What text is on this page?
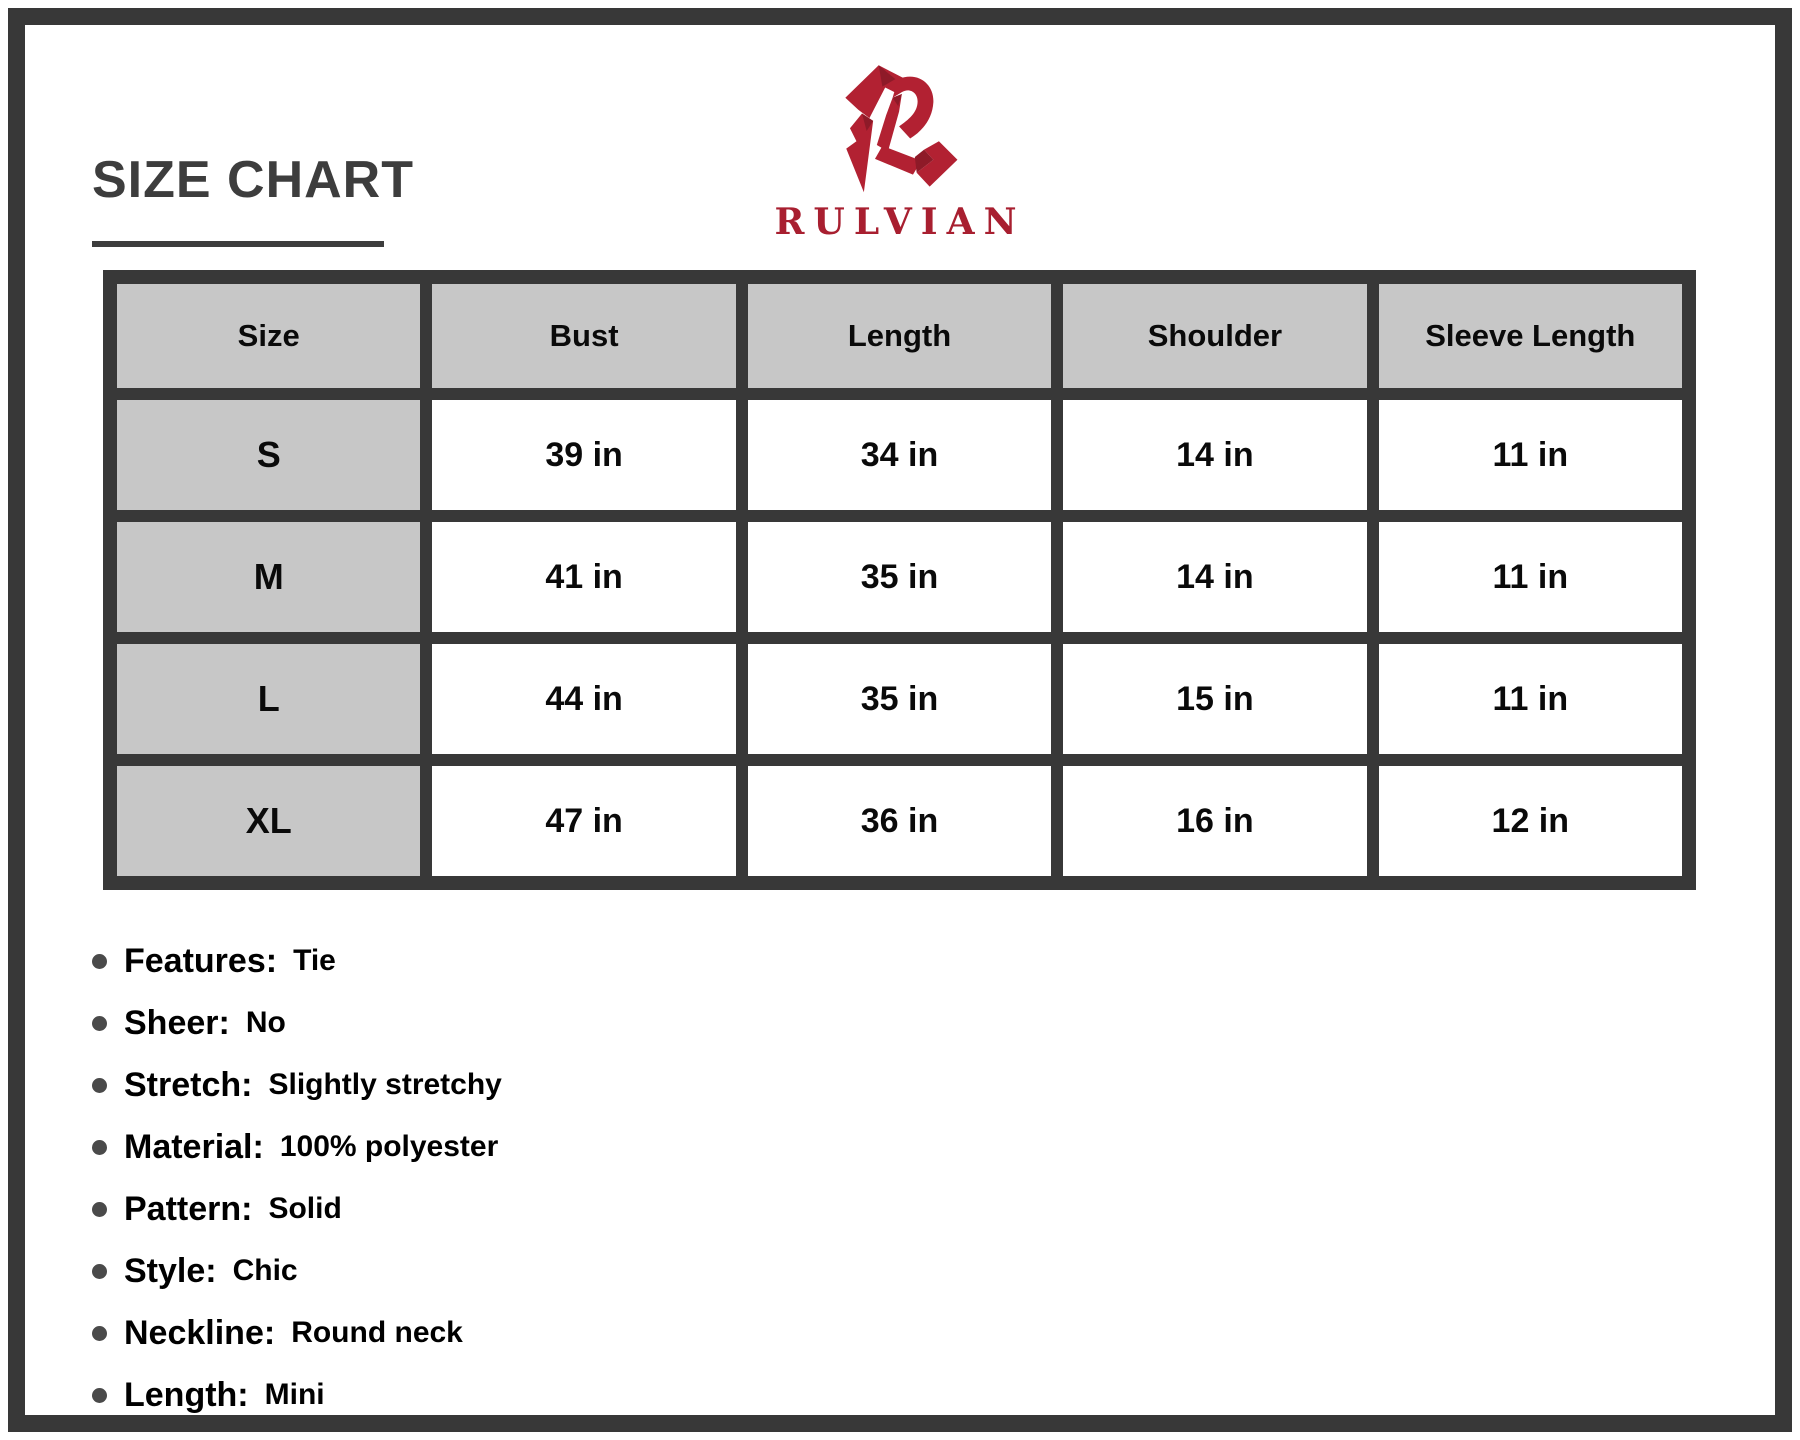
SIZE CHART
RULVIAN
Size	Bust	Length	Shoulder	Sleeve Length
S	39 in	34 in	14 in	11 in
M	41 in	35 in	14 in	11 in
L	44 in	35 in	15 in	11 in
XL	47 in	36 in	16 in	12 in
Features: Tie
Sheer: No
Stretch: Slightly stretchy
Material: 100% polyester
Pattern: Solid
Style: Chic
Neckline: Round neck
Length: Mini
